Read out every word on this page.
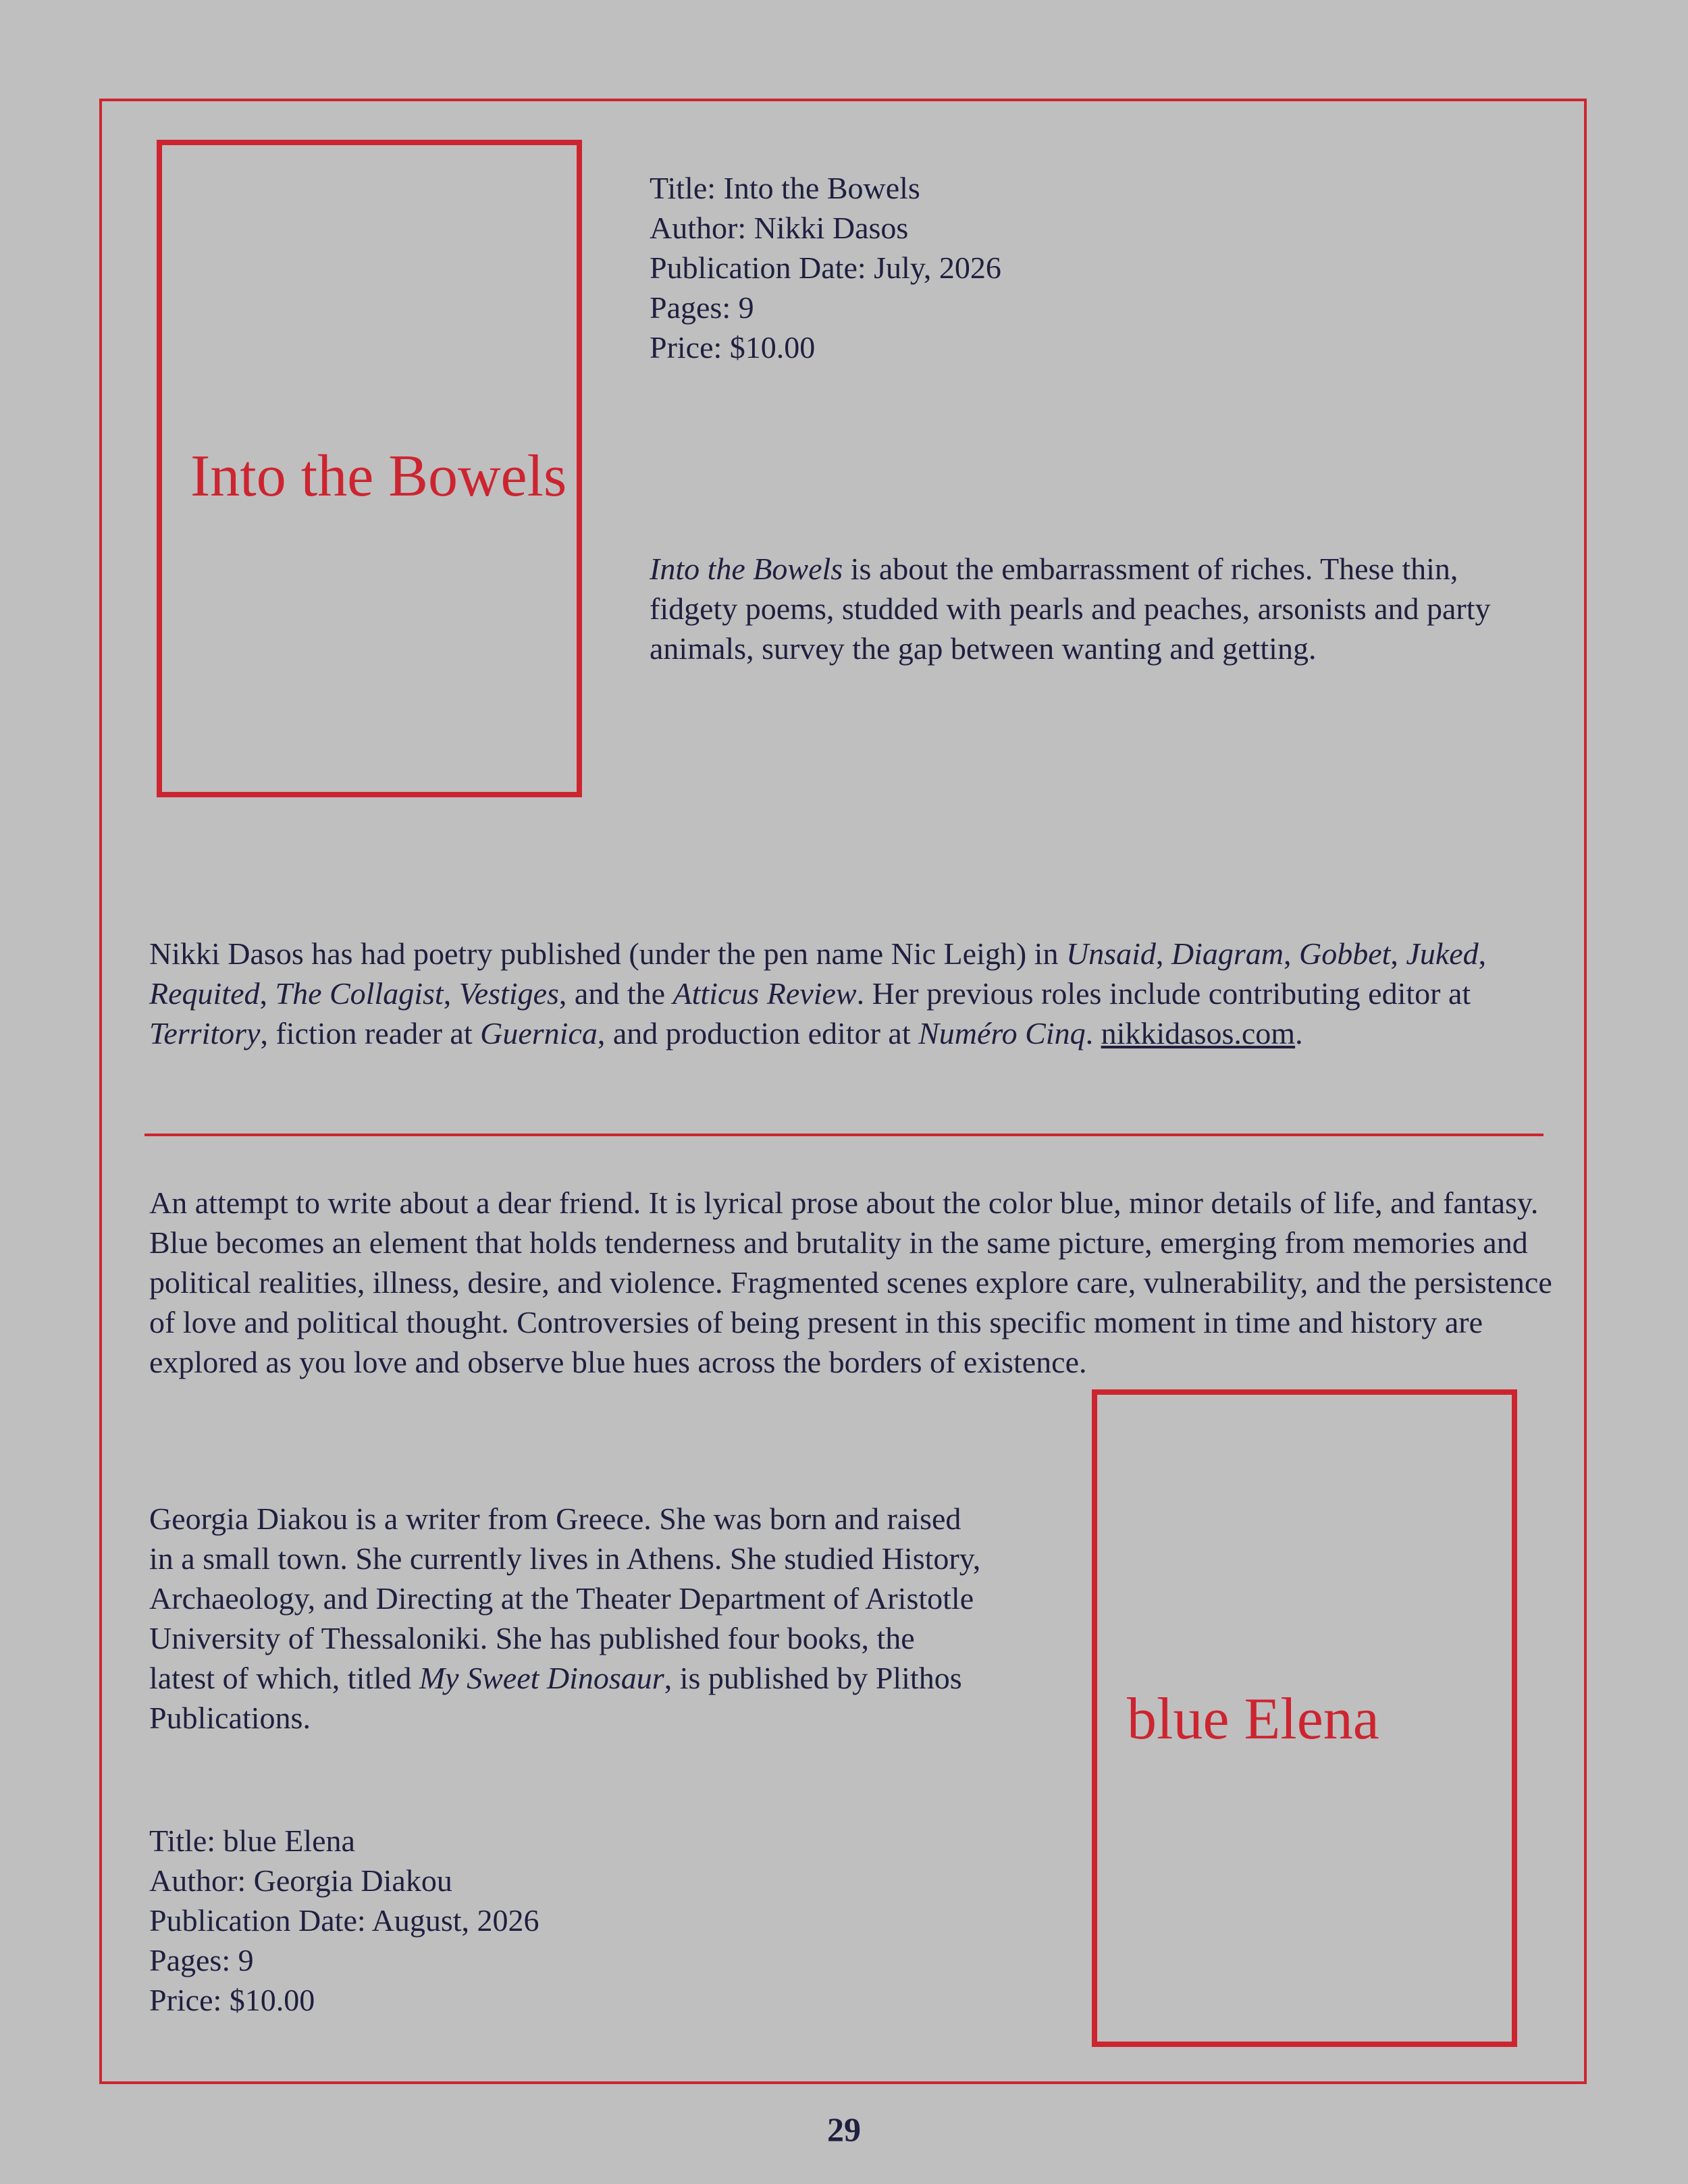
Into the Bowels
Title: Into the Bowels
Author: Nikki Dasos
Publication Date: July, 2026
Pages: 9
Price: $10.00
Into the Bowels is about the embarrassment of riches. These thin,
fidgety poems, studded with pearls and peaches, arsonists and party
animals, survey the gap between wanting and getting.
Nikki Dasos has had poetry published (under the pen name Nic Leigh) in Unsaid, Diagram, Gobbet, Juked,
Requited, The Collagist, Vestiges, and the Atticus Review. Her previous roles include contributing editor at
Territory, fiction reader at Guernica, and production editor at Numéro Cinq. nikkidasos.com.
An attempt to write about a dear friend. It is lyrical prose about the color blue, minor details of life, and fantasy.
Blue becomes an element that holds tenderness and brutality in the same picture, emerging from memories and
political realities, illness, desire, and violence. Fragmented scenes explore care, vulnerability, and the persistence
of love and political thought. Controversies of being present in this specific moment in time and history are
explored as you love and observe blue hues across the borders of existence.
Georgia Diakou is a writer from Greece. She was born and raised
in a small town. She currently lives in Athens. She studied History,
Archaeology, and Directing at the Theater Department of Aristotle
University of Thessaloniki. She has published four books, the
latest of which, titled My Sweet Dinosaur, is published by Plithos
Publications.
Title: blue Elena
Author: Georgia Diakou
Publication Date: August, 2026
Pages: 9
Price: $10.00
blue Elena
29
